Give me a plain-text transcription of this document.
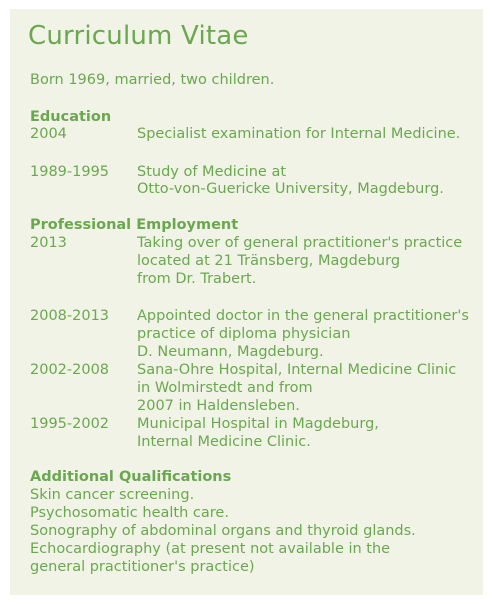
Curriculum Vitae
Born 1969, married, two children.
Education
2004	Specialist examination for Internal Medicine.
1989-1995 Study of Medicine at
Otto-von-Guericke University, Magdeburg.
Professional Employment
2013	Taking over of general practitioner's practice
located at 21 Tränsberg, Magdeburg
from Dr. Trabert.
2008-2013 Appointed doctor in the general practitioner's
practice of diploma physician
D. Neumann, Magdeburg.
2002-2008 Sana-Ohre Hospital, Internal Medicine Clinic
in Wolmirstedt and from
2007 in Haldensleben.
1995-2002 Municipal Hospital in Magdeburg,
Internal Medicine Clinic.
Additional Qualifications
Skin cancer screening.
Psychosomatic health care.
Sonography of abdominal organs and thyroid glands.
Echocardiography (at present not available in the
general practitioner's practice)
